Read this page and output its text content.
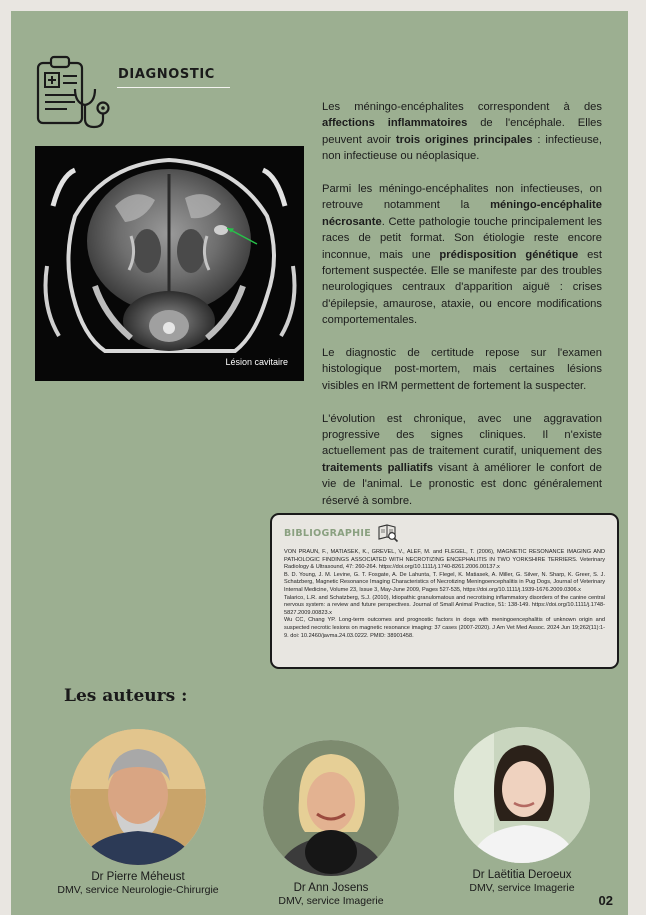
DIAGNOSTIC
Lésion cavitaire

Les méningo-encéphalites correspondent à des affections inflammatoires de l'encéphale. Elles peuvent avoir trois origines principales : infectieuse, non infectieuse ou néoplasique.

Parmi les méningo-encéphalites non infectieuses, on retrouve notamment la méningo-encéphalite nécrosante. Cette pathologie touche principalement les races de petit format. Son étiologie reste encore inconnue, mais une prédisposition génétique est fortement suspectée. Elle se manifeste par des troubles neurologiques centraux d'apparition aiguë : crises d'épilepsie, amaurose, ataxie, ou encore modifications comportementales.

Le diagnostic de certitude repose sur l'examen histologique post-mortem, mais certaines lésions visibles en IRM permettent de fortement la suspecter.

L'évolution est chronique, avec une aggravation progressive des signes cliniques. Il n'existe actuellement pas de traitement curatif, uniquement des traitements palliatifs visant à améliorer le confort de vie de l'animal. Le pronostic est donc généralement réservé à sombre.

BIBLIOGRAPHIE
VON PRAUN, F., MATIASEK, K., GREVEL, V., ALEF, M. and FLEGEL, T. (2006), MAGNETIC RESONANCE IMAGING AND PATHOLOGIC FINDINGS ASSOCIATED WITH NECROTIZING ENCEPHALITIS IN TWO YORKSHIRE TERRIERS. Veterinary Radiology & Ultrasound, 47: 260-264. https://doi.org/10.1111/j.1740-8261.2006.00137.x
B. D. Young, J. M. Levine, G. T. Fosgate, A. De Lahunta, T. Flegel, K. Matiasek, A. Miller, G. Silver, N. Sharp, K. Greer, S. J. Schatzberg, Magnetic Resonance Imaging Characteristics of Necrotizing Meningoencephalitis in Pug Dogs, Journal of Veterinary Internal Medicine, Volume 23, Issue 3, May-June 2009, Pages 527-535, https://doi.org/10.1111/j.1939-1676.2009.0306.x
Talarico, L.R. and Schatzberg, S.J. (2010), Idiopathic granulomatous and necrotising inflammatory disorders of the canine central nervous system: a review and future perspectives. Journal of Small Animal Practice, 51: 138-149. https://doi.org/10.1111/j.1748-5827.2009.00823.x
Wu CC, Chang YP. Long-term outcomes and prognostic factors in dogs with meningoencephalitis of unknown origin and suspected necrotic lesions on magnetic resonance imaging: 37 cases (2007-2020). J Am Vet Med Assoc. 2024 Jun 19;262(11):1-9. doi: 10.2460/javma.24.03.0222. PMID: 38901458.
Les auteurs :
Dr Pierre Méheust
DMV, service Neurologie-Chirurgie	Dr Ann Josens
DMV, service Imagerie
Dr Laëtitia Deroeux
DMV, service Imagerie
02
